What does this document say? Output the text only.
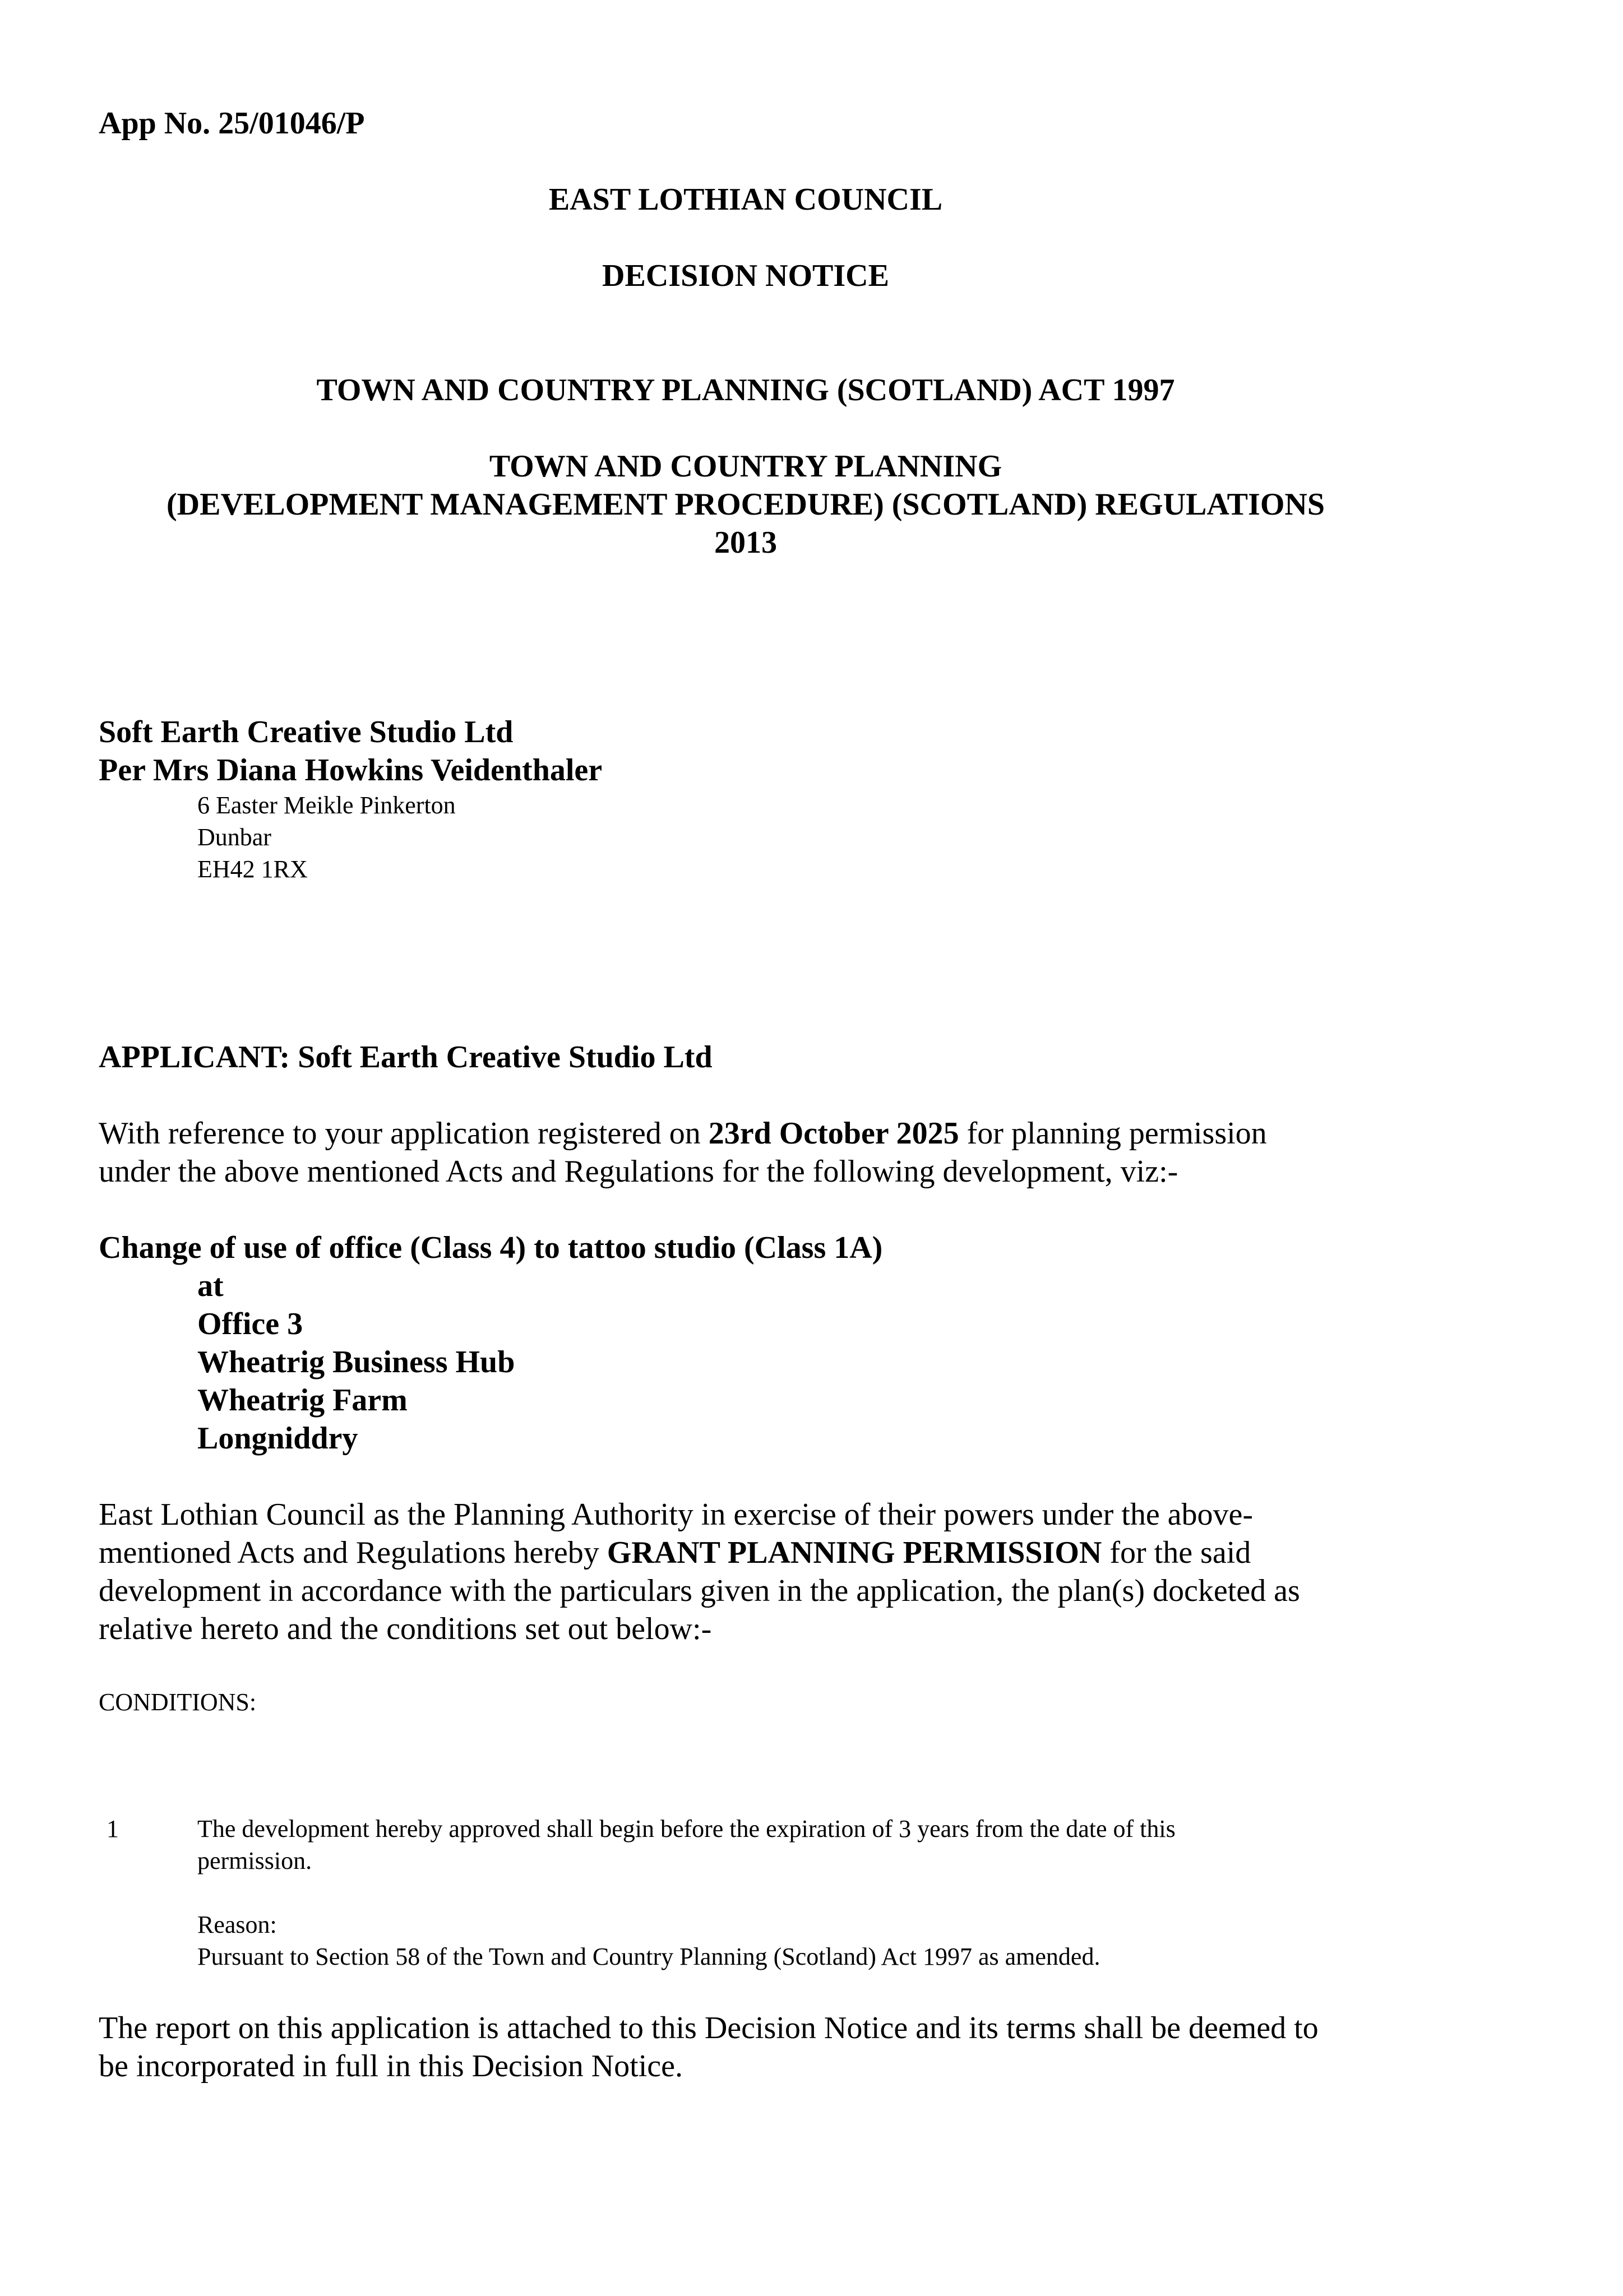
App No. 25/01046/P

EAST LOTHIAN COUNCIL

DECISION NOTICE

TOWN AND COUNTRY PLANNING (SCOTLAND) ACT 1997

TOWN AND COUNTRY PLANNING
(DEVELOPMENT MANAGEMENT PROCEDURE) (SCOTLAND) REGULATIONS
2013
Soft Earth Creative Studio Ltd
Per Mrs Diana Howkins Veidenthaler
6 Easter Meikle Pinkerton
Dunbar
EH42 1RX

APPLICANT: Soft Earth Creative Studio Ltd

With reference to your application registered on 23rd October 2025 for planning permission
under the above mentioned Acts and Regulations for the following development, viz:-
Change of use of office (Class 4) to tattoo studio (Class 1A)
at
Office 3
Wheatrig Business Hub
Wheatrig Farm
Longniddry
East Lothian Council as the Planning Authority in exercise of their powers under the above-
mentioned Acts and Regulations hereby GRANT PLANNING PERMISSION for the said
development in accordance with the particulars given in the application, the plan(s) docketed as
relative hereto and the conditions set out below:-

CONDITIONS:

1	The development hereby approved shall begin before the expiration of 3 years from the date of this
permission.
Reason:
Pursuant to Section 58 of the Town and Country Planning (Scotland) Act 1997 as amended.
The report on this application is attached to this Decision Notice and its terms shall be deemed to
be incorporated in full in this Decision Notice.
